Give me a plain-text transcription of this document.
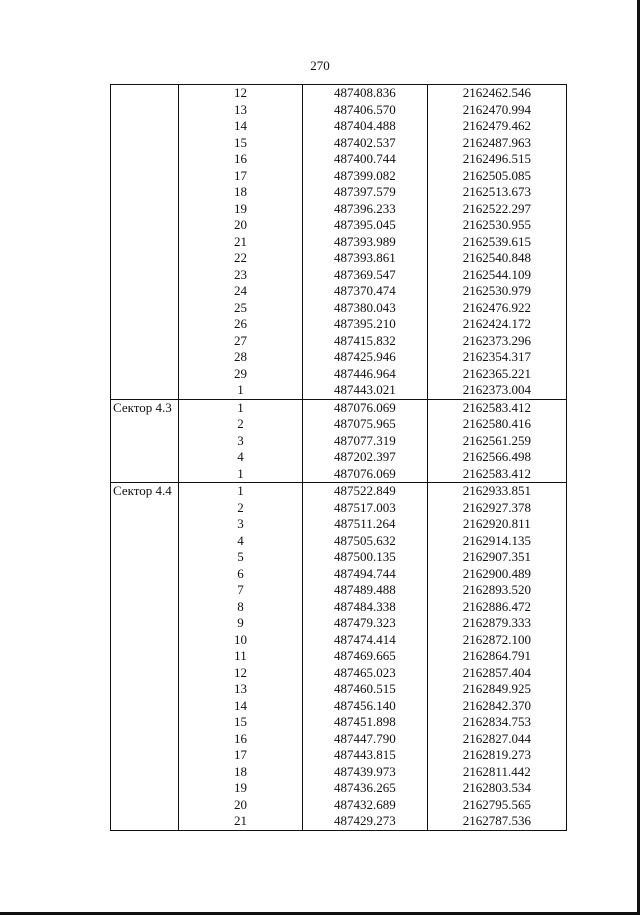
270
12	487408.836	2162462.546
13	487406.570	2162470.994
14	487404.488	2162479.462
15	487402.537	2162487.963
16	487400.744	2162496.515
17	487399.082	2162505.085
18	487397.579	2162513.673
19	487396.233	2162522.297
20	487395.045	2162530.955
21	487393.989	2162539.615
22	487393.861	2162540.848
23	487369.547	2162544.109
24	487370.474	2162530.979
25	487380.043	2162476.922
26	487395.210	2162424.172
27	487415.832	2162373.296
28	487425.946	2162354.317
29	487446.964	2162365.221
1	487443.021	2162373.004
Сектор 4.3	1	487076.069	2162583.412
2	487075.965	2162580.416
3	487077.319	2162561.259
4	487202.397	2162566.498
1	487076.069	2162583.412
Сектор 4.4	1	487522.849	2162933.851
2	487517.003	2162927.378
3	487511.264	2162920.811
4	487505.632	2162914.135
5	487500.135	2162907.351
6	487494.744	2162900.489
7	487489.488	2162893.520
8	487484.338	2162886.472
9	487479.323	2162879.333
10	487474.414	2162872.100
11	487469.665	2162864.791
12	487465.023	2162857.404
13	487460.515	2162849.925
14	487456.140	2162842.370
15	487451.898	2162834.753
16	487447.790	2162827.044
17	487443.815	2162819.273
18	487439.973	2162811.442
19	487436.265	2162803.534
20	487432.689	2162795.565
21	487429.273	2162787.536
